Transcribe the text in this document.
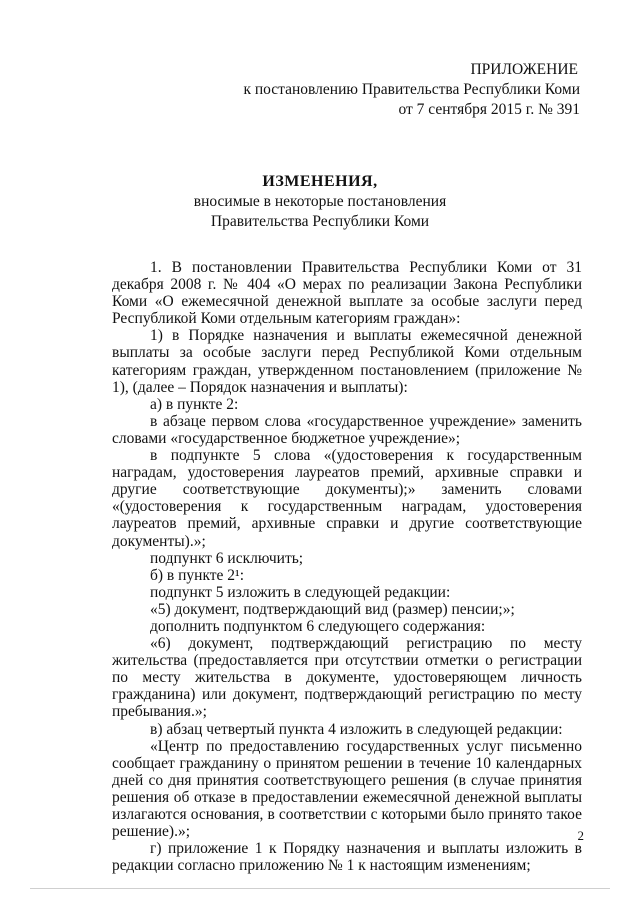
ПРИЛОЖЕНИЕ
к постановлению Правительства Республики Коми
от 7 сентября 2015 г. № 391
ИЗМЕНЕНИЯ,
вносимые в некоторые постановления
Правительства Республики Коми

1. В постановлении Правительства Республики Коми от 31 декабря 2008 г. № 404 «О мерах по реализации Закона Республики Коми «О ежемесячной денежной выплате за особые заслуги перед Республикой Коми отдельным категориям граждан»:

1) в Порядке назначения и выплаты ежемесячной денежной выплаты за особые заслуги перед Республикой Коми отдельным категориям граждан, утвержденном постановлением (приложение № 1), (далее – Порядок назначения и выплаты):

а) в пункте 2:

в абзаце первом слова «государственное учреждение» заменить словами «государственное бюджетное учреждение»;

в подпункте 5 слова «(удостоверения к государственным наградам, удостоверения лауреатов премий, архивные справки и другие соответствующие документы);» заменить словами «(удостоверения к государственным наградам, удостоверения лауреатов премий, архивные справки и другие соответствующие документы).»;

подпункт 6 исключить;

б) в пункте 2¹:

подпункт 5 изложить в следующей редакции:

«5) документ, подтверждающий вид (размер) пенсии;»;

дополнить подпунктом 6 следующего содержания:

«6) документ, подтверждающий регистрацию по месту жительства (предоставляется при отсутствии отметки о регистрации по месту жительства в документе, удостоверяющем личность гражданина) или документ, подтверждающий регистрацию по месту пребывания.»;

в) абзац четвертый пункта 4 изложить в следующей редакции:

«Центр по предоставлению государственных услуг письменно сообщает гражданину о принятом решении в течение 10 календарных дней со дня принятия соответствующего решения (в случае принятия решения об отказе в предоставлении ежемесячной денежной выплаты излагаются основания, в соответствии с которыми было принято такое решение).»;

г) приложение 1 к Порядку назначения и выплаты изложить в редакции согласно приложению № 1 к настоящим изменениям;

2
